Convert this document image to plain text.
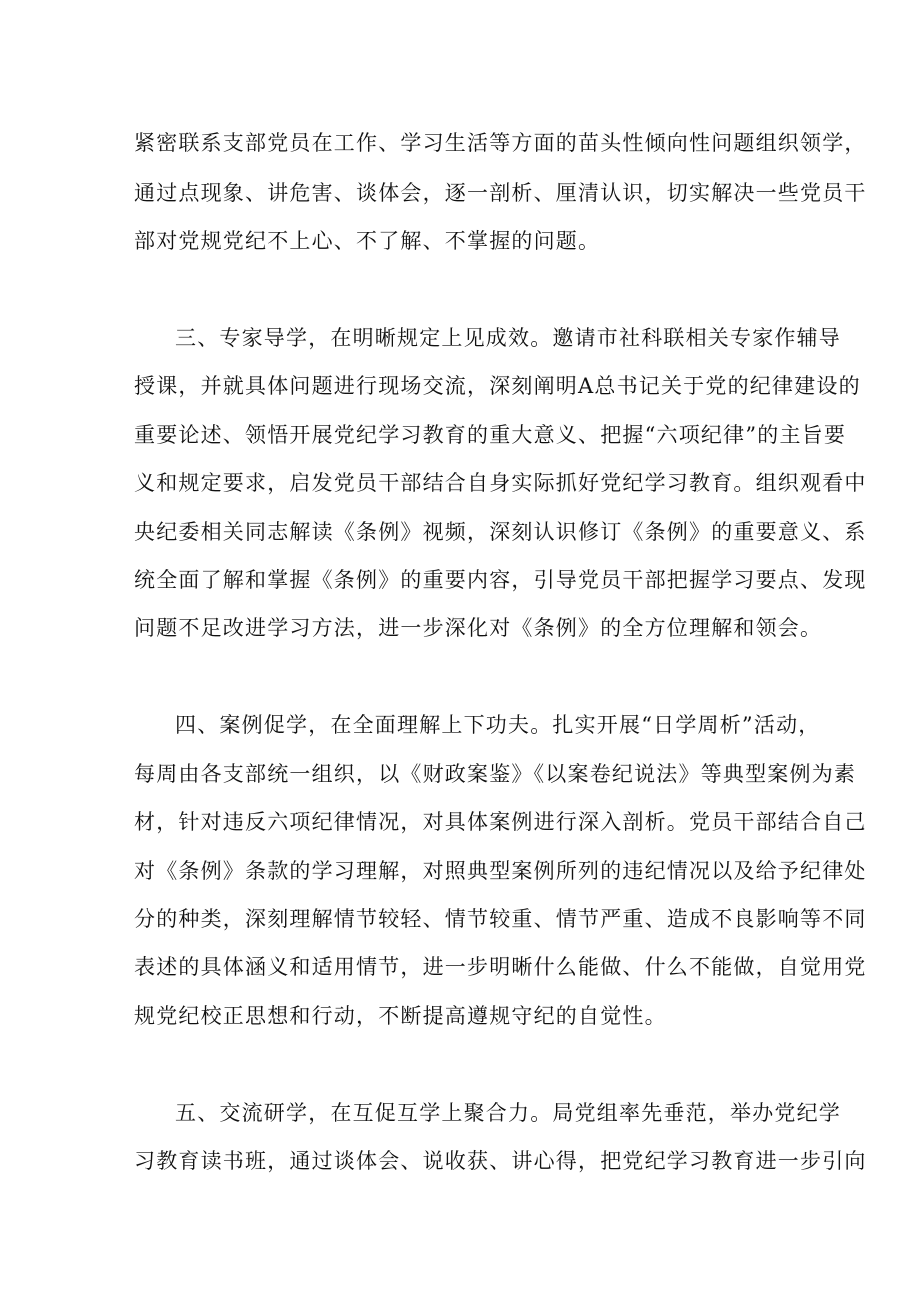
紧密联系支部党员在工作、学习生活等方面的苗头性倾向性问题组织领学，

通过点现象、讲危害、谈体会，逐一剖析、厘清认识，切实解决一些党员干

部对党规党纪不上心、不了解、不掌握的问题。

三、专家导学，在明晰规定上见成效。邀请市社科联相关专家作辅导

授课，并就具体问题进行现场交流，深刻阐明A总书记关于党的纪律建设的

重要论述、领悟开展党纪学习教育的重大意义、把握“六项纪律”的主旨要

义和规定要求，启发党员干部结合自身实际抓好党纪学习教育。组织观看中

央纪委相关同志解读《条例》视频，深刻认识修订《条例》的重要意义、系

统全面了解和掌握《条例》的重要内容，引导党员干部把握学习要点、发现

问题不足改进学习方法，进一步深化对《条例》的全方位理解和领会。

四、案例促学，在全面理解上下功夫。扎实开展“日学周析”活动，

每周由各支部统一组织，以《财政案鉴》《以案卷纪说法》等典型案例为素

材，针对违反六项纪律情况，对具体案例进行深入剖析。党员干部结合自己

对《条例》条款的学习理解，对照典型案例所列的违纪情况以及给予纪律处

分的种类，深刻理解情节较轻、情节较重、情节严重、造成不良影响等不同

表述的具体涵义和适用情节，进一步明晰什么能做、什么不能做，自觉用党

规党纪校正思想和行动，不断提高遵规守纪的自觉性。

五、交流研学，在互促互学上聚合力。局党组率先垂范，举办党纪学

习教育读书班，通过谈体会、说收获、讲心得，把党纪学习教育进一步引向
